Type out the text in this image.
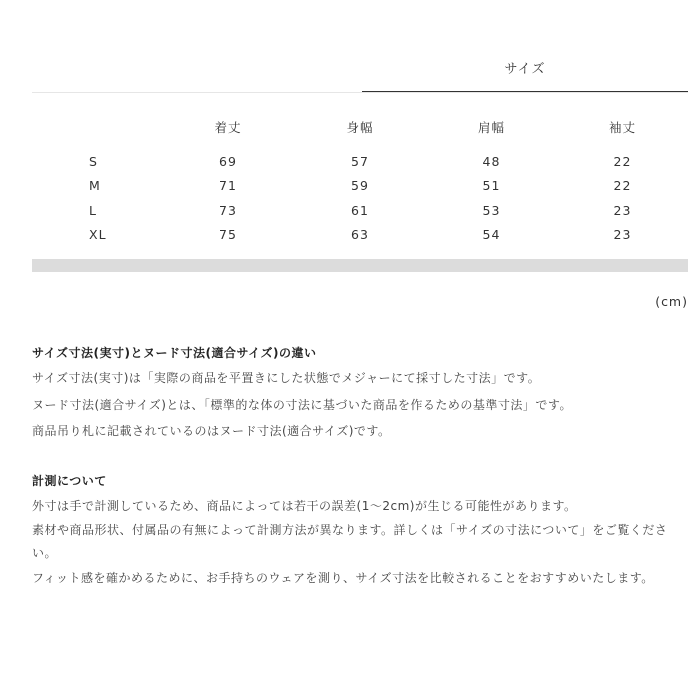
サイズ
	着丈	身幅	肩幅	袖丈

S	69	57	48	22
M	71	59	51	22
L	73	61	53	23
XL	75	63	54	23
(cm)
サイズ寸法(実寸)とヌード寸法(適合サイズ)の違い

サイズ寸法(実寸)は「実際の商品を平置きにした状態でメジャーにて採寸した寸法」です。

ヌード寸法(適合サイズ)とは、「標準的な体の寸法に基づいた商品を作るための基準寸法」です。

商品吊り札に記載されているのはヌード寸法(適合サイズ)です。

計測について

外寸は手で計測しているため、商品によっては若干の誤差(1〜2cm)が生じる可能性があります。

素材や商品形状、付属品の有無によって計測方法が異なります。詳しくは「サイズの寸法について」をご覧ください。

フィット感を確かめるために、お手持ちのウェアを測り、サイズ寸法を比較されることをおすすめいたします。
